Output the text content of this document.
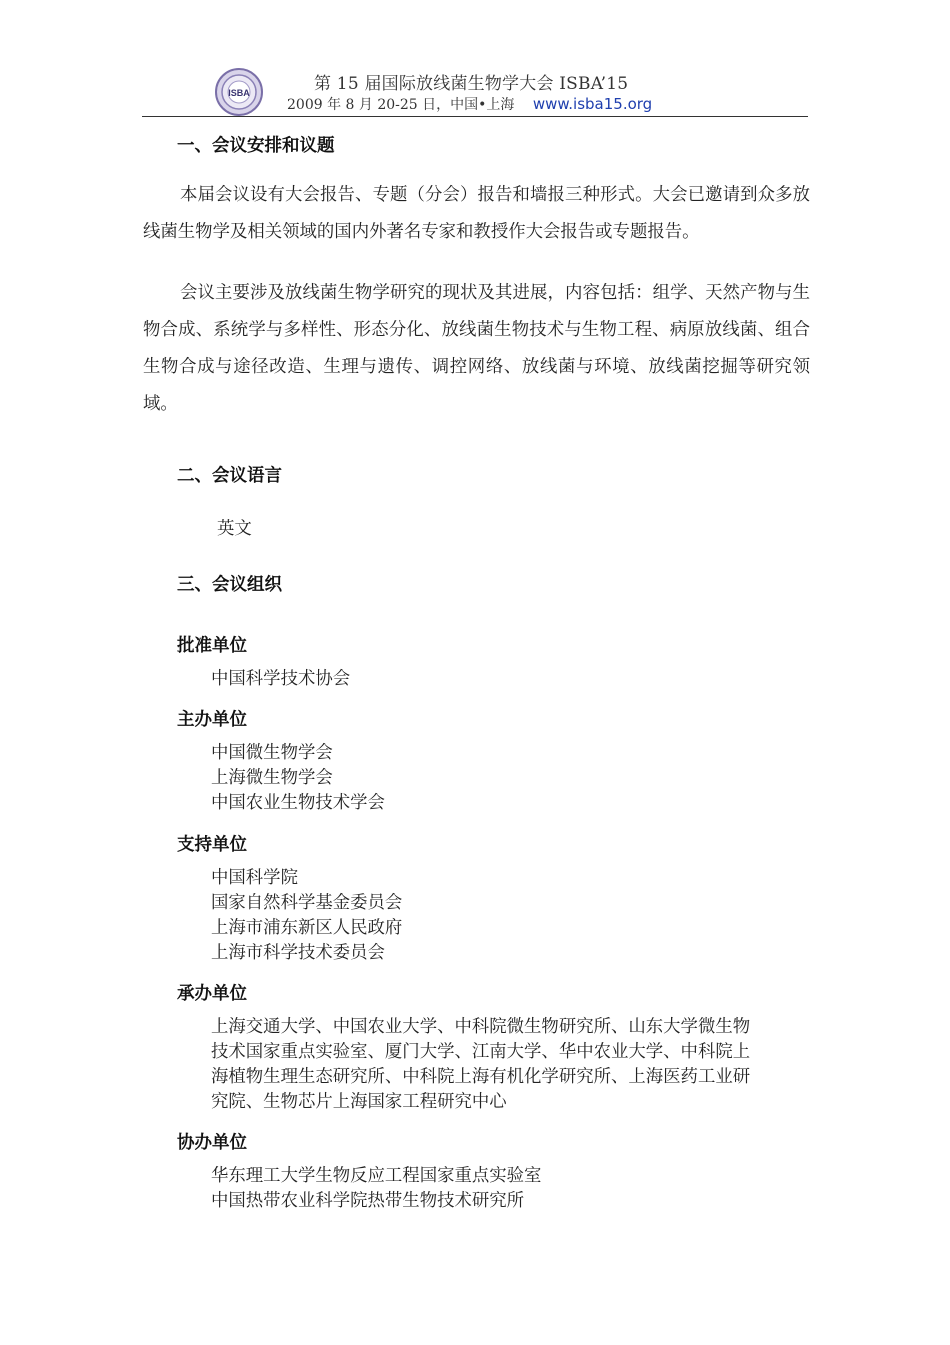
ISBA	第 15 届国际放线菌生物学大会 ISBA’15
2009 年 8 月 20-25 日，中国•上海 www.isba15.org
一、会议安排和议题
本届会议设有大会报告、专题（分会）报告和墙报三种形式。大会已邀请到众多放线菌生物学及相关领域的国内外著名专家和教授作大会报告或专题报告。
会议主要涉及放线菌生物学研究的现状及其进展，内容包括：组学、天然产物与生物合成、系统学与多样性、形态分化、放线菌生物技术与生物工程、病原放线菌、组合生物合成与途径改造、生理与遗传、调控网络、放线菌与环境、放线菌挖掘等研究领域。
二、会议语言
英文
三、会议组织
批准单位
中国科学技术协会
主办单位
中国微生物学会
上海微生物学会
中国农业生物技术学会
支持单位
中国科学院
国家自然科学基金委员会
上海市浦东新区人民政府
上海市科学技术委员会
承办单位
上海交通大学、中国农业大学、中科院微生物研究所、山东大学微生物
技术国家重点实验室、厦门大学、江南大学、华中农业大学、中科院上
海植物生理生态研究所、中科院上海有机化学研究所、上海医药工业研
究院、生物芯片上海国家工程研究中心
协办单位
华东理工大学生物反应工程国家重点实验室
中国热带农业科学院热带生物技术研究所
